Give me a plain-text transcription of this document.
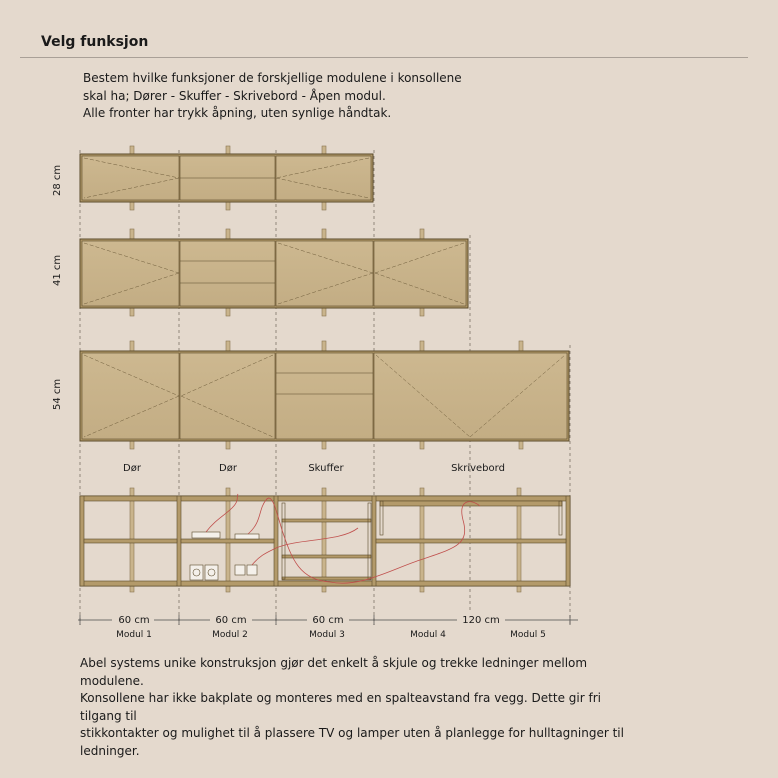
Velg funksjon
Bestem hvilke funksjoner de forskjellige modulene i konsollene
skal ha; Dører - Skuffer - Skrivebord - Åpen modul.
Alle fronter har trykk åpning, uten synlige håndtak.
28 cm
41 cm
54 cm
Dør	Dør	Skuffer	Skrivebord
60 cm	60 cm	60 cm	120 cm
Modul 1	Modul 2	Modul 3	Modul 4	Modul 5
Abel systems unike konstruksjon gjør det enkelt å skjule og trekke ledninger mellom modulene.
Konsollene har ikke bakplate og monteres med en spalteavstand fra vegg. Dette gir fri tilgang til
stikkontakter og mulighet til å plassere TV og lamper uten å planlegge for hulltagninger til
ledninger.
